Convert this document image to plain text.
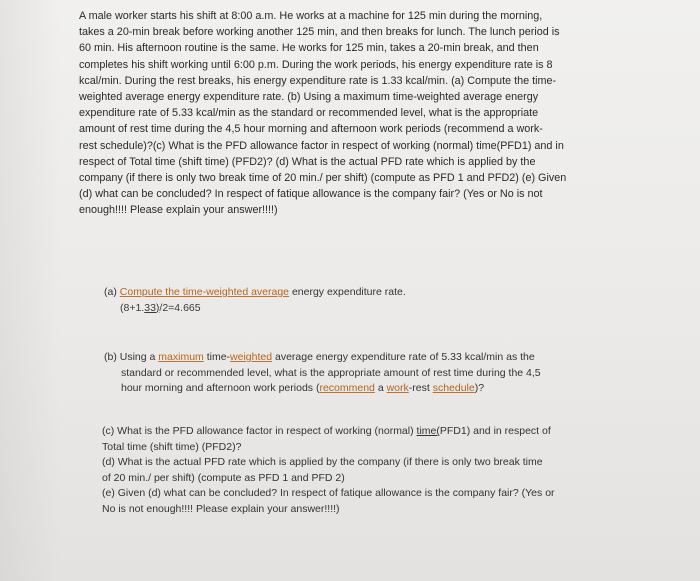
A male worker starts his shift at 8:00 a.m. He works at a machine for 125 min during the morning,
takes a 20-min break before working another 125 min, and then breaks for lunch. The lunch period is
60 min. His afternoon routine is the same. He works for 125 min, takes a 20-min break, and then
completes his shift working until 6:00 p.m. During the work periods, his energy expenditure rate is 8
kcal/min. During the rest breaks, his energy expenditure rate is 1.33 kcal/min. (a) Compute the time-
weighted average energy expenditure rate. (b) Using a maximum time-weighted average energy
expenditure rate of 5.33 kcal/min as the standard or recommended level, what is the appropriate
amount of rest time during the 4,5 hour morning and afternoon work periods (recommend a work-
rest schedule)?(c) What is the PFD allowance factor in respect of working (normal) time(PFD1) and in
respect of Total time (shift time) (PFD2)? (d) What is the actual PFD rate which is applied by the
company (if there is only two break time of 20 min./ per shift) (compute as PFD 1 and PFD2) (e) Given
(d) what can be concluded? In respect of fatique allowance is the company fair? (Yes or No is not
enough!!!! Please explain your answer!!!!)
(a) Compute the time-weighted average energy expenditure rate.
(8+1.33)/2=4.665
(b) Using a maximum time-weighted average energy expenditure rate of 5.33 kcal/min as the
standard or recommended level, what is the appropriate amount of rest time during the 4,5
hour morning and afternoon work periods (recommend a work-rest schedule)?
(c) What is the PFD allowance factor in respect of working (normal) time(PFD1) and in respect of
Total time (shift time) (PFD2)?
(d) What is the actual PFD rate which is applied by the company (if there is only two break time
of 20 min./ per shift) (compute as PFD 1 and PFD 2)
(e) Given (d) what can be concluded? In respect of fatique allowance is the company fair? (Yes or
No is not enough!!!! Please explain your answer!!!!)
